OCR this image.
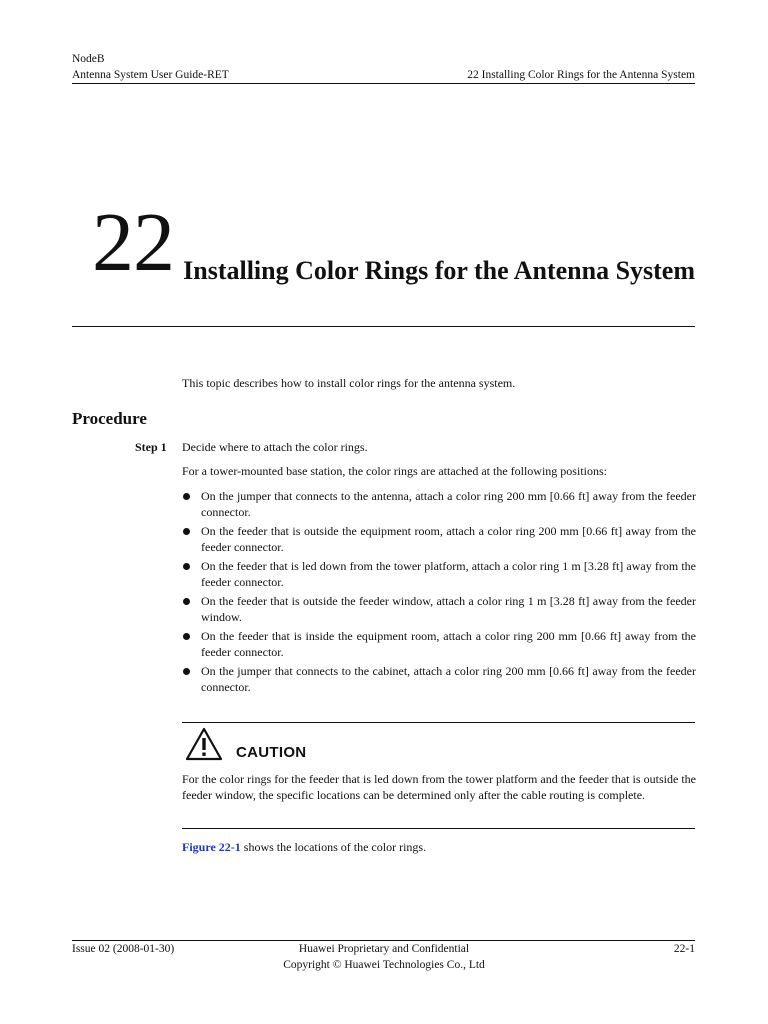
NodeB
Antenna System User Guide-RET	22 Installing Color Rings for the Antenna System
22 Installing Color Rings for the Antenna System
This topic describes how to install color rings for the antenna system.
Procedure
Step 1 Decide where to attach the color rings.
For a tower-mounted base station, the color rings are attached at the following positions:
On the jumper that connects to the antenna, attach a color ring 200 mm [0.66 ft] away from the feeder connector.
On the feeder that is outside the equipment room, attach a color ring 200 mm [0.66 ft] away from the feeder connector.
On the feeder that is led down from the tower platform, attach a color ring 1 m [3.28 ft] away from the feeder connector.
On the feeder that is outside the feeder window, attach a color ring 1 m [3.28 ft] away from the feeder window.
On the feeder that is inside the equipment room, attach a color ring 200 mm [0.66 ft] away from the feeder connector.
On the jumper that connects to the cabinet, attach a color ring 200 mm [0.66 ft] away from the feeder connector.
CAUTION
For the color rings for the feeder that is led down from the tower platform and the feeder that is outside the feeder window, the specific locations can be determined only after the cable routing is complete.
Figure 22-1 shows the locations of the color rings.
Issue 02 (2008-01-30)	Huawei Proprietary and Confidential
Copyright © Huawei Technologies Co., Ltd
22-1
